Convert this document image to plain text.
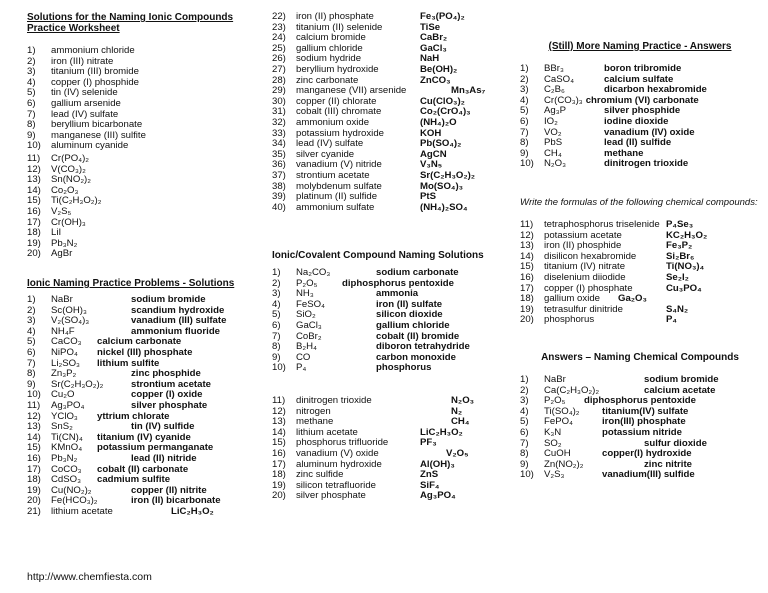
Solutions for the Naming Ionic Compounds
Practice Worksheet
1)	ammonium chloride
2)	iron (III) nitrate
3)	titanium (III) bromide
4)	copper (I) phosphide
5)	tin (IV) selenide
6)	gallium arsenide
7)	lead (IV) sulfate
8)	beryllium bicarbonate
9)	manganese (III) sulfite
10)	aluminum cyanide
11)	Cr(PO₄)₂
12)	V(CO₃)₂
13)	Sn(NO₂)₂
14)	Co₂O₃
15)	Ti(C₂H₃O₂)₂
16)	V₂S₅
17)	Cr(OH)₃
18)	LiI
19)	Pb₃N₂
20)	AgBr
Ionic Naming Practice Problems - Solutions
1)	NaBr	sodium bromide
2)	Sc(OH)₃	scandium hydroxide
3)	V₂(SO₄)₃	vanadium (III) sulfate
4)	NH₄F	ammonium fluoride
5)	CaCO₃	calcium carbonate
6)	NiPO₄	nickel (III) phosphate
7)	Li₂SO₃	lithium sulfite
8)	Zn₃P₂	zinc phosphide
9)	Sr(C₂H₃O₂)₂	strontium acetate
10)	Cu₂O	copper (I) oxide
11)	Ag₃PO₄	silver phosphate
12)	YClO₃	yttrium chlorate
13)	SnS₂	tin (IV) sulfide
14)	Ti(CN)₄	titanium (IV) cyanide
15)	KMnO₄	potassium permanganate
16)	Pb₃N₂	lead (II) nitride
17)	CoCO₃	cobalt (II) carbonate
18)	CdSO₃	cadmium sulfite
19)	Cu(NO₂)₂	copper (II) nitrite
20)	Fe(HCO₃)₂	iron (II) bicarbonate
21)	lithium acetate	LiC₂H₃O₂
22)	iron (II) phosphate	Fe₃(PO₄)₂
23)	titanium (II) selenide	TiSe
24)	calcium bromide	CaBr₂
25)	gallium chloride	GaCl₃
26)	sodium hydride	NaH
27)	beryllium hydroxide	Be(OH)₂
28)	zinc carbonate	ZnCO₃
29)	manganese (VII) arsenide	Mn₃As₇
30)	copper (II) chlorate	Cu(ClO₃)₂
31)	cobalt (III) chromate	Co₂(CrO₄)₃
32)	ammonium oxide	(NH₄)₂O
33)	potassium hydroxide	KOH
34)	lead (IV) sulfate	Pb(SO₄)₂
35)	silver cyanide	AgCN
36)	vanadium (V) nitride	V₃N₅
37)	strontium acetate	Sr(C₂H₃O₂)₂
38)	molybdenum sulfate	Mo(SO₄)₃
39)	platinum (II) sulfide	PtS
40)	ammonium sulfate	(NH₄)₂SO₄
Ionic/Covalent Compound Naming Solutions
1)	Na₂CO₃	sodium carbonate
2)	P₂O₅	diphosphorus pentoxide
3)	NH₃	ammonia
4)	FeSO₄	iron (II) sulfate
5)	SiO₂	silicon dioxide
6)	GaCl₃	gallium chloride
7)	CoBr₂	cobalt (II) bromide
8)	B₂H₄	diboron tetrahydride
9)	CO	carbon monoxide
10)	P₄	phosphorus
11)	dinitrogen trioxide	N₂O₃
12)	nitrogen	N₂
13)	methane	CH₄
14)	lithium acetate	LiC₂H₃O₂
15)	phosphorus trifluoride	PF₃
16)	vanadium (V) oxide	V₂O₅
17)	aluminum hydroxide	Al(OH)₃
18)	zinc sulfide	ZnS
19)	silicon tetrafluoride	SiF₄
20)	silver phosphate	Ag₃PO₄
(Still) More Naming Practice - Answers
1)	BBr₃	boron tribromide
2)	CaSO₄	calcium sulfate
3)	C₂B₆	dicarbon hexabromide
4)	Cr(CO₃)₃ chromium (VI) carbonate
5)	Ag₃P	silver phosphide
6)	IO₂	iodine dioxide
7)	VO₂	vanadium (IV) oxide
8)	PbS	lead (II) sulfide
9)	CH₄	methane
10)	N₂O₃	dinitrogen trioxide
Write the formulas of the following chemical compounds:
11)	tetraphosphorus triselenide P₄Se₃
12)	potassium acetate	KC₂H₃O₂
13)	iron (II) phosphide	Fe₃P₂
14)	disilicon hexabromide	Si₂Br₆
15)	titanium (IV) nitrate	Ti(NO₃)₄
16)	diselenium diiodide	Se₂I₂
17)	copper (I) phosphate	Cu₃PO₄
18)	gallium oxide	Ga₂O₃
19)	tetrasulfur dinitride	S₄N₂
20)	phosphorus	P₄
Answers – Naming Chemical Compounds
1)	NaBr	sodium bromide
2)	Ca(C₂H₃O₂)₂	calcium acetate
3)	P₂O₅	diphosphorus pentoxide
4)	Ti(SO₄)₂	titanium(IV) sulfate
5)	FePO₄	iron(III) phosphate
6)	K₃N	potassium nitride
7)	SO₂	sulfur dioxide
8)	CuOH	copper(I) hydroxide
9)	Zn(NO₂)₂	zinc nitrite
10)	V₂S₃	vanadium(III) sulfide
http://www.chemfiesta.com
